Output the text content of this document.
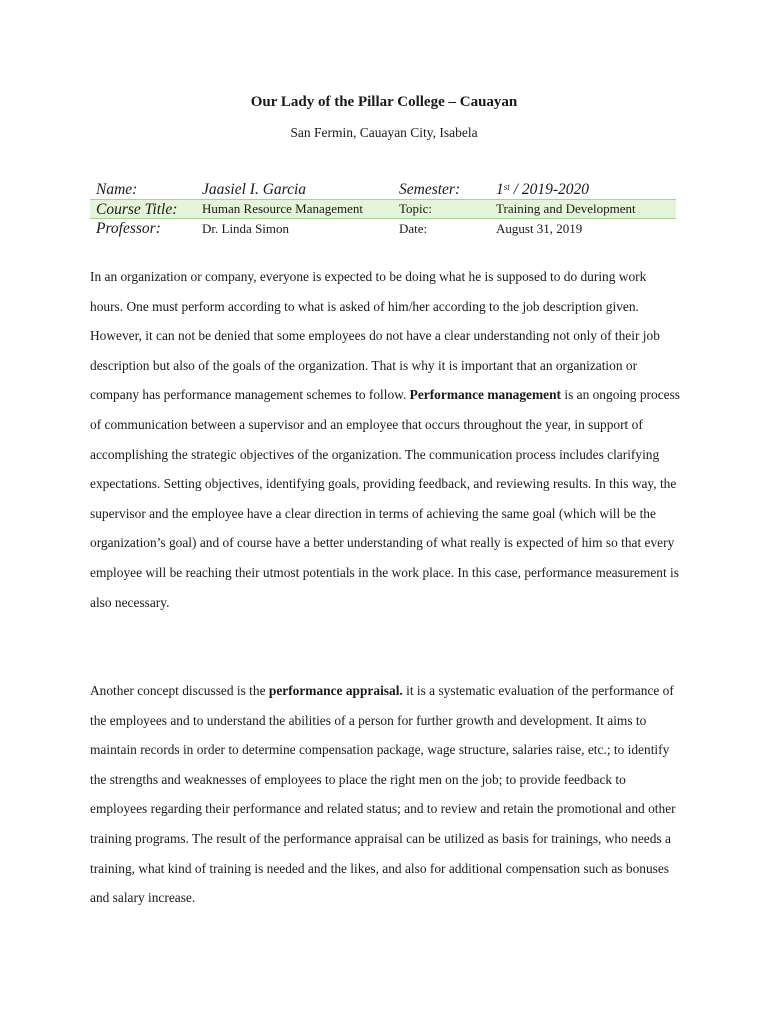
Our Lady of the Pillar College – Cauayan
San Fermin, Cauayan City, Isabela
Name:	Jaasiel I. Garcia	Semester: 1st / 2019-2020
Course Title: Human Resource Management	Topic:	Training and Development
Professor:	Dr. Linda Simon	Date:	August 31, 2019
In an organization or company, everyone is expected to be doing what he is supposed to do during work hours. One must perform according to what is asked of him/her according to the job description given. However, it can not be denied that some employees do not have a clear understanding not only of their job description but also of the goals of the organization. That is why it is important that an organization or company has performance management schemes to follow. Performance management is an ongoing process of communication between a supervisor and an employee that occurs throughout the year, in support of accomplishing the strategic objectives of the organization. The communication process includes clarifying expectations. Setting objectives, identifying goals, providing feedback, and reviewing results. In this way, the supervisor and the employee have a clear direction in terms of achieving the same goal (which will be the organization’s goal) and of course have a better understanding of what really is expected of him so that every employee will be reaching their utmost potentials in the work place. In this case, performance measurement is also necessary.
Another concept discussed is the performance appraisal. it is a systematic evaluation of the performance of the employees and to understand the abilities of a person for further growth and development. It aims to maintain records in order to determine compensation package, wage structure, salaries raise, etc.; to identify the strengths and weaknesses of employees to place the right men on the job; to provide feedback to employees regarding their performance and related status; and to review and retain the promotional and other training programs. The result of the performance appraisal can be utilized as basis for trainings, who needs a training, what kind of training is needed and the likes, and also for additional compensation such as bonuses and salary increase.
